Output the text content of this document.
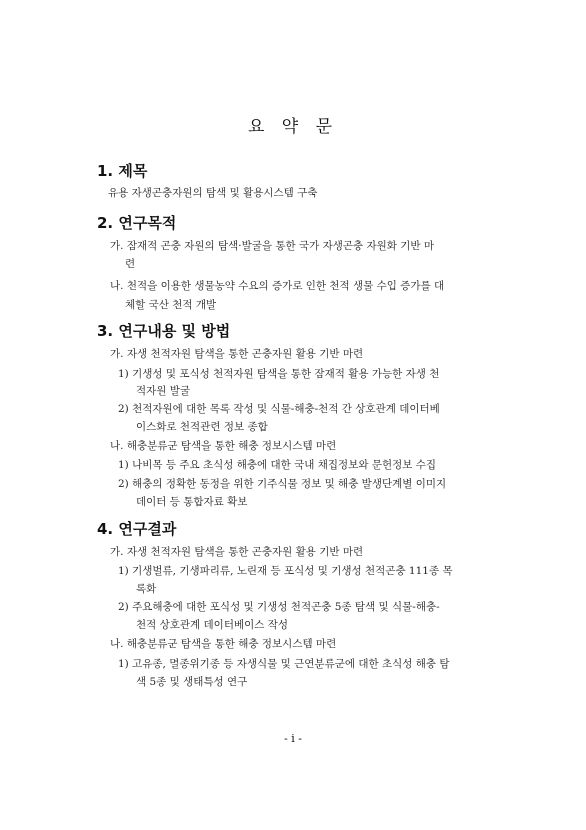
요 약 문
1. 제목
유용 자생곤충자원의 탐색 및 활용시스템 구축
2. 연구목적
가. 잠재적 곤충 자원의 탐색·발굴을 통한 국가 자생곤충 자원화 기반 마
련
나. 천적을 이용한 생물농약 수요의 증가로 인한 천적 생물 수입 증가를 대
체할 국산 천적 개발
3. 연구내용 및 방법
가. 자생 천적자원 탐색을 통한 곤충자원 활용 기반 마련
1) 기생성 및 포식성 천적자원 탐색을 통한 잠재적 활용 가능한 자생 천
적자원 발굴
2) 천적자원에 대한 목록 작성 및 식물-해충-천적 간 상호관계 데이터베
이스화로 천적관련 정보 종합
나. 해충분류군 탐색을 통한 해충 정보시스템 마련
1) 나비목 등 주요 초식성 해충에 대한 국내 채집정보와 문헌정보 수집
2) 해충의 정확한 동정을 위한 기주식물 정보 및 해충 발생단계별 이미지
데이터 등 통합자료 확보
4. 연구결과
가. 자생 천적자원 탐색을 통한 곤충자원 활용 기반 마련
1) 기생벌류, 기생파리류, 노린재 등 포식성 및 기생성 천적곤충 111종 목
록화
2) 주요해충에 대한 포식성 및 기생성 천적곤충 5종 탐색 및 식물-해충-
천적 상호관계 데이터베이스 작성
나. 해충분류군 탐색을 통한 해충 정보시스템 마련
1) 고유종, 멸종위기종 등 자생식물 및 근연분류군에 대한 초식성 해충 탐
색 5종 및 생태특성 연구
- i -
